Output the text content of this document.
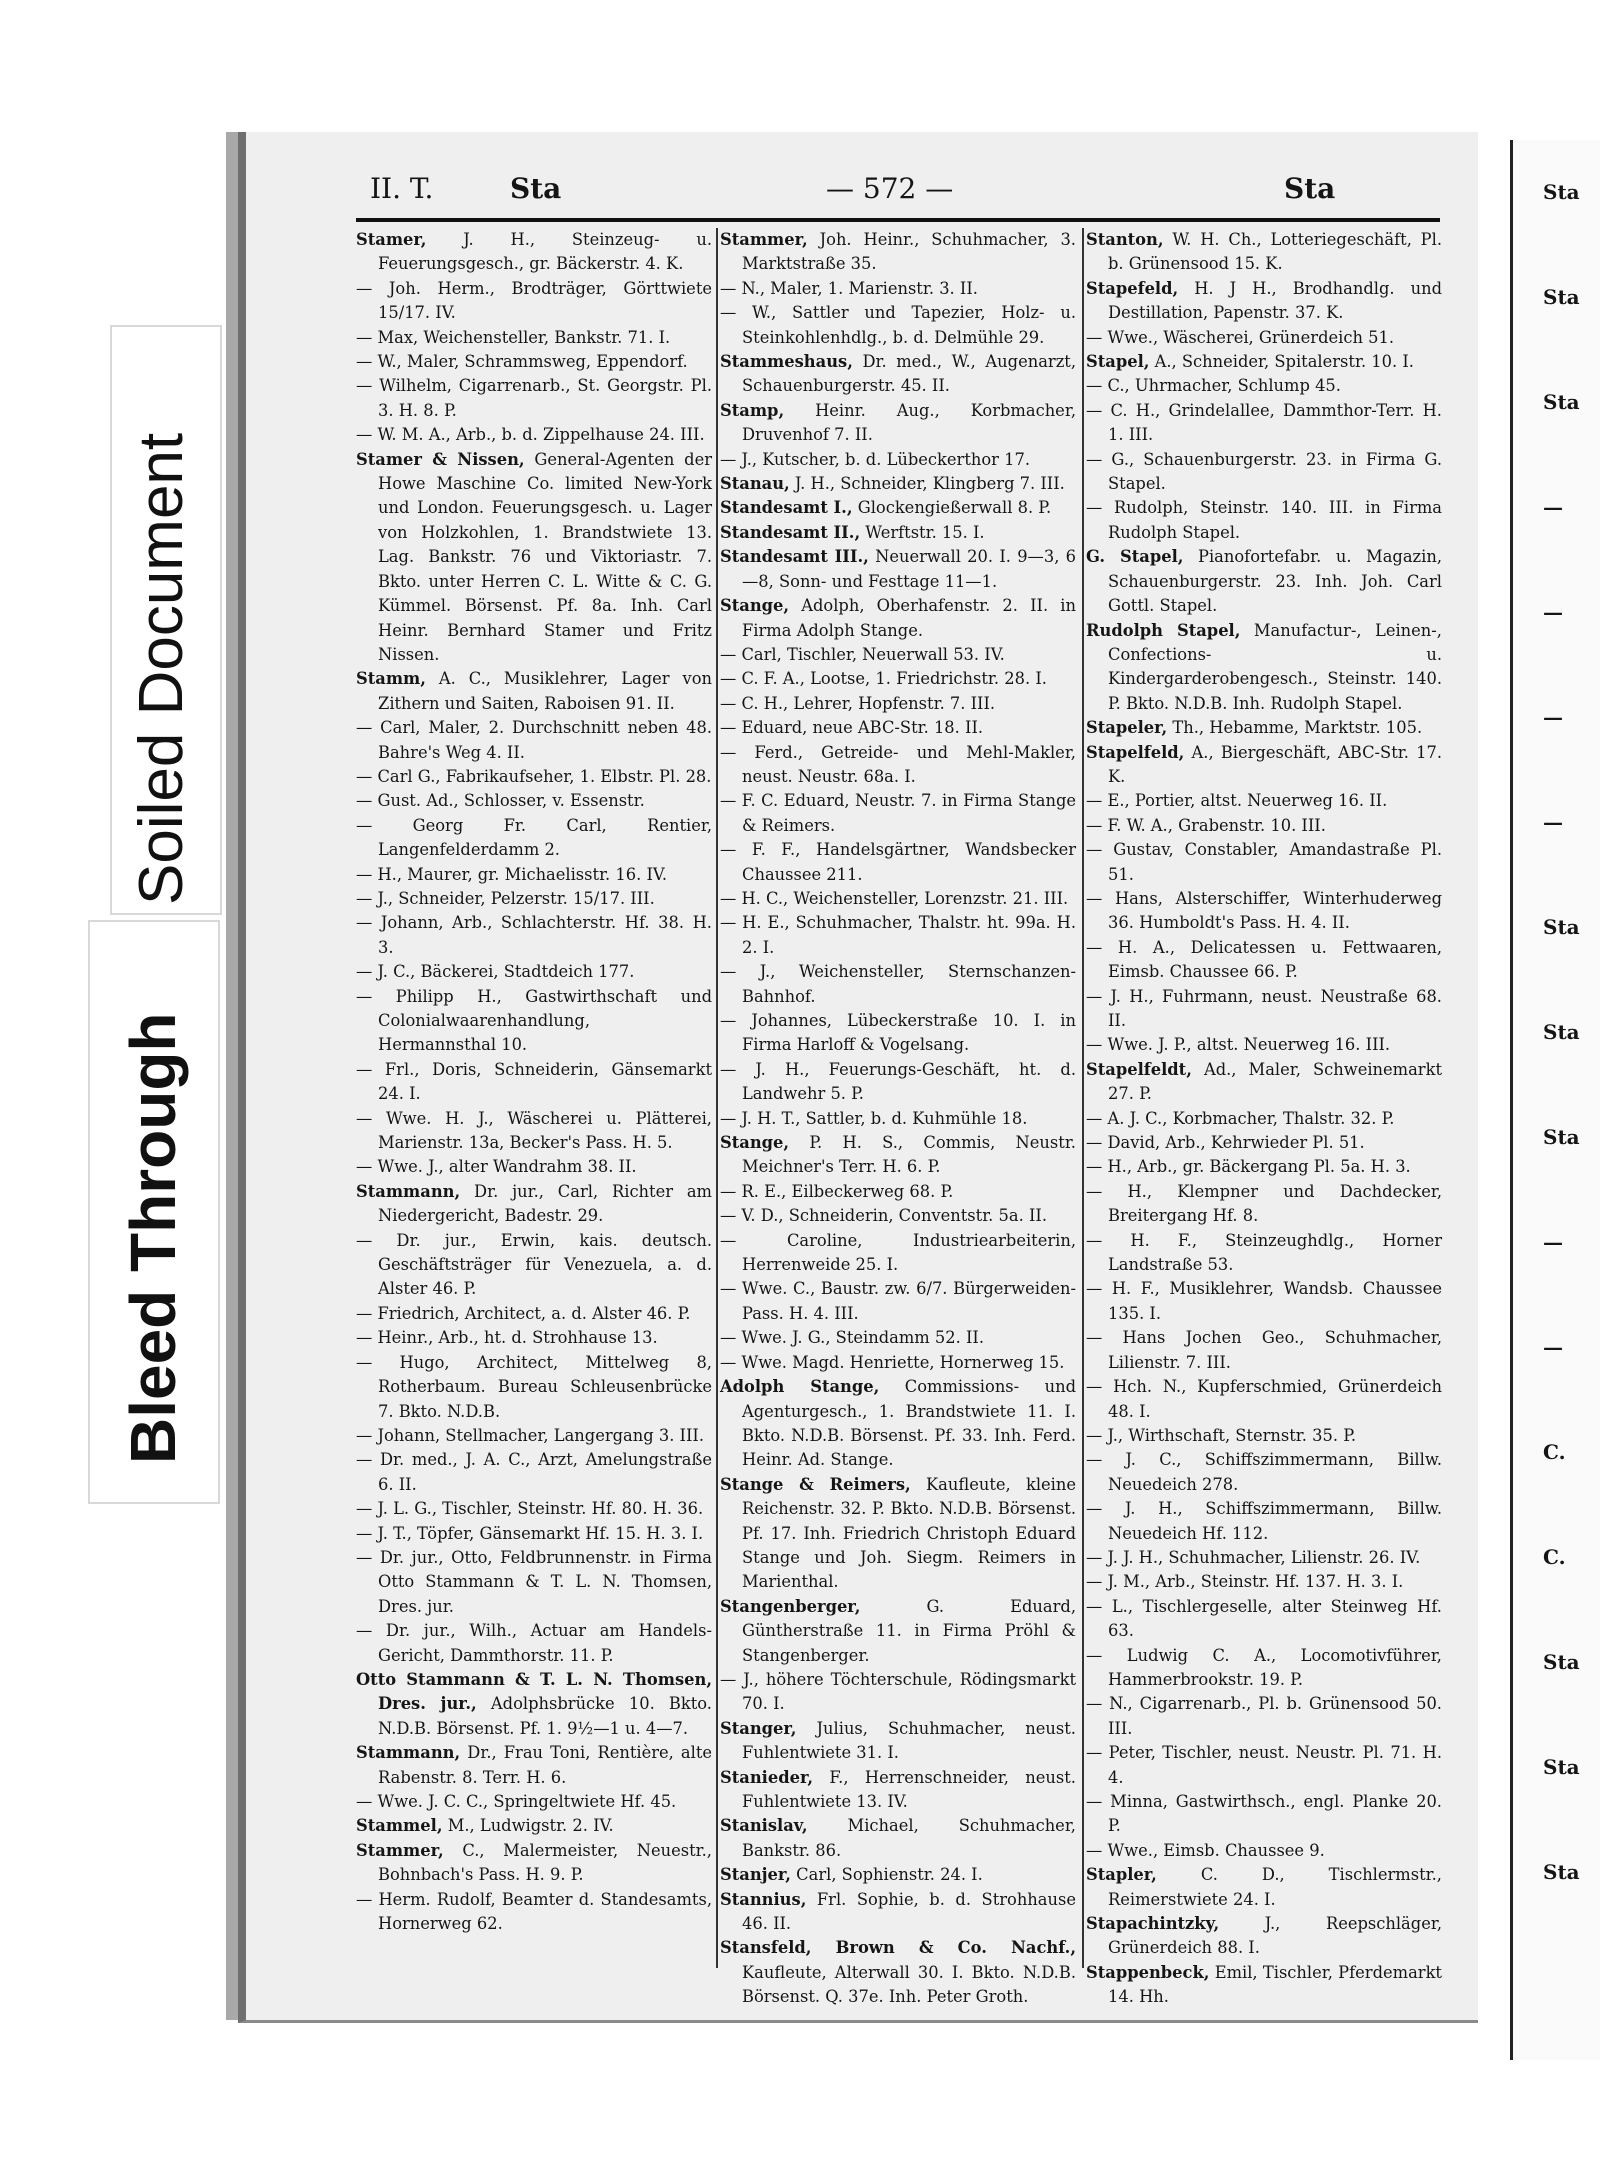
Soiled Document
Bleed Through
II. T.	Sta	— 572 —	Sta

Stamer, J. H., Steinzeug- u. Feuerungsgesch., gr. Bäckerstr. 4. K.

— Joh. Herm., Brodträger, Görttwiete 15/17. IV.

— Max, Weichensteller, Bankstr. 71. I.

— W., Maler, Schrammsweg, Eppendorf.

— Wilhelm, Cigarrenarb., St. Georgstr. Pl. 3. H. 8. P.

— W. M. A., Arb., b. d. Zippelhause 24. III.

Stamer & Nissen, General-Agenten der Howe Maschine Co. limited New-York und London. Feuerungsgesch. u. Lager von Holzkohlen, 1. Brandstwiete 13. Lag. Bankstr. 76 und Viktoriastr. 7. Bkto. unter Herren C. L. Witte & C. G. Kümmel. Börsenst. Pf. 8a. Inh. Carl Heinr. Bernhard Stamer und Fritz Nissen.

Stamm, A. C., Musiklehrer, Lager von Zithern und Saiten, Raboisen 91. II.

— Carl, Maler, 2. Durchschnitt neben 48. Bahre's Weg 4. II.

— Carl G., Fabrikaufseher, 1. Elbstr. Pl. 28.

— Gust. Ad., Schlosser, v. Essenstr.

— Georg Fr. Carl, Rentier, Langenfelderdamm 2.

— H., Maurer, gr. Michaelisstr. 16. IV.

— J., Schneider, Pelzerstr. 15/17. III.

— Johann, Arb., Schlachterstr. Hf. 38. H. 3.

— J. C., Bäckerei, Stadtdeich 177.

— Philipp H., Gastwirthschaft und Colonialwaarenhandlung, Hermannsthal 10.

— Frl., Doris, Schneiderin, Gänsemarkt 24. I.

— Wwe. H. J., Wäscherei u. Plätterei, Marienstr. 13a, Becker's Pass. H. 5.

— Wwe. J., alter Wandrahm 38. II.

Stammann, Dr. jur., Carl, Richter am Niedergericht, Badestr. 29.

— Dr. jur., Erwin, kais. deutsch. Geschäftsträger für Venezuela, a. d. Alster 46. P.

— Friedrich, Architect, a. d. Alster 46. P.

— Heinr., Arb., ht. d. Strohhause 13.

— Hugo, Architect, Mittelweg 8, Rotherbaum. Bureau Schleusenbrücke 7. Bkto. N.D.B.

— Johann, Stellmacher, Langergang 3. III.

— Dr. med., J. A. C., Arzt, Amelungstraße 6. II.

— J. L. G., Tischler, Steinstr. Hf. 80. H. 36.

— J. T., Töpfer, Gänsemarkt Hf. 15. H. 3. I.

— Dr. jur., Otto, Feldbrunnenstr. in Firma Otto Stammann & T. L. N. Thomsen, Dres. jur.

— Dr. jur., Wilh., Actuar am Handels-Gericht, Dammthorstr. 11. P.

Otto Stammann & T. L. N. Thomsen, Dres. jur., Adolphsbrücke 10. Bkto. N.D.B. Börsenst. Pf. 1. 9½—1 u. 4—7.

Stammann, Dr., Frau Toni, Rentière, alte Rabenstr. 8. Terr. H. 6.

— Wwe. J. C. C., Springeltwiete Hf. 45.

Stammel, M., Ludwigstr. 2. IV.

Stammer, C., Malermeister, Neuestr., Bohnbach's Pass. H. 9. P.

— Herm. Rudolf, Beamter d. Standesamts, Hornerweg 62.

Stammer, Joh. Heinr., Schuhmacher, 3. Marktstraße 35.

— N., Maler, 1. Marienstr. 3. II.

— W., Sattler und Tapezier, Holz- u. Steinkohlenhdlg., b. d. Delmühle 29.

Stammeshaus, Dr. med., W., Augenarzt, Schauenburgerstr. 45. II.

Stamp, Heinr. Aug., Korbmacher, Druvenhof 7. II.

— J., Kutscher, b. d. Lübeckerthor 17.

Stanau, J. H., Schneider, Klingberg 7. III.

Standesamt I., Glockengießerwall 8. P.

Standesamt II., Werftstr. 15. I.

Standesamt III., Neuerwall 20. I. 9—3, 6—8, Sonn- und Festtage 11—1.

Stange, Adolph, Oberhafenstr. 2. II. in Firma Adolph Stange.

— Carl, Tischler, Neuerwall 53. IV.

— C. F. A., Lootse, 1. Friedrichstr. 28. I.

— C. H., Lehrer, Hopfenstr. 7. III.

— Eduard, neue ABC-Str. 18. II.

— Ferd., Getreide- und Mehl-Makler, neust. Neustr. 68a. I.

— F. C. Eduard, Neustr. 7. in Firma Stange & Reimers.

— F. F., Handelsgärtner, Wandsbecker Chaussee 211.

— H. C., Weichensteller, Lorenzstr. 21. III.

— H. E., Schuhmacher, Thalstr. ht. 99a. H. 2. I.

— J., Weichensteller, Sternschanzen-Bahnhof.

— Johannes, Lübeckerstraße 10. I. in Firma Harloff & Vogelsang.

— J. H., Feuerungs-Geschäft, ht. d. Landwehr 5. P.

— J. H. T., Sattler, b. d. Kuhmühle 18.

Stange, P. H. S., Commis, Neustr. Meichner's Terr. H. 6. P.

— R. E., Eilbeckerweg 68. P.

— V. D., Schneiderin, Conventstr. 5a. II.

— Caroline, Industriearbeiterin, Herrenweide 25. I.

— Wwe. C., Baustr. zw. 6/7. Bürgerweiden-Pass. H. 4. III.

— Wwe. J. G., Steindamm 52. II.

— Wwe. Magd. Henriette, Hornerweg 15.

Adolph Stange, Commissions- und Agenturgesch., 1. Brandstwiete 11. I. Bkto. N.D.B. Börsenst. Pf. 33. Inh. Ferd. Heinr. Ad. Stange.

Stange & Reimers, Kaufleute, kleine Reichenstr. 32. P. Bkto. N.D.B. Börsenst. Pf. 17. Inh. Friedrich Christoph Eduard Stange und Joh. Siegm. Reimers in Marienthal.

Stangenberger,	G. Eduard, Güntherstraße 11. in Firma Pröhl & Stangenberger.

— J., höhere Töchterschule, Rödingsmarkt 70. I.

Stanger, Julius, Schuhmacher, neust. Fuhlentwiete 31. I.

Stanieder, F., Herrenschneider, neust. Fuhlentwiete 13. IV.

Stanislav, Michael, Schuhmacher, Bankstr. 86.

Stanjer, Carl, Sophienstr. 24. I.

Stannius, Frl. Sophie, b. d. Strohhause 46. II.

Stansfeld, Brown & Co. Nachf., Kaufleute, Alterwall 30. I. Bkto. N.D.B. Börsenst. Q. 37e. Inh. Peter Groth.

Stanton, W. H. Ch., Lotteriegeschäft, Pl. b. Grünensood 15. K.

Stapefeld, H. J H., Brodhandlg. und Destillation, Papenstr. 37. K.

— Wwe., Wäscherei, Grünerdeich 51.

Stapel, A., Schneider, Spitalerstr. 10. I.

— C., Uhrmacher, Schlump 45.

— C. H., Grindelallee, Dammthor-Terr. H. 1. III.

— G., Schauenburgerstr. 23. in Firma G. Stapel.

— Rudolph, Steinstr. 140. III. in Firma Rudolph Stapel.

G. Stapel, Pianofortefabr. u. Magazin, Schauenburgerstr. 23. Inh. Joh. Carl Gottl. Stapel.

Rudolph Stapel, Manufactur-, Leinen-, Confections- u. Kindergarderobengesch., Steinstr. 140. P. Bkto. N.D.B. Inh. Rudolph Stapel.

Stapeler, Th., Hebamme, Marktstr. 105.

Stapelfeld, A., Biergeschäft, ABC-Str. 17. K.

— E., Portier, altst. Neuerweg 16. II.

— F. W. A., Grabenstr. 10. III.

— Gustav, Constabler, Amandastraße Pl. 51.

— Hans, Alsterschiffer, Winterhuderweg 36. Humboldt's Pass. H. 4. II.

— H. A., Delicatessen u. Fettwaaren, Eimsb. Chaussee 66. P.

— J. H., Fuhrmann, neust. Neustraße 68. II.

— Wwe. J. P., altst. Neuerweg 16. III.

Stapelfeldt, Ad., Maler, Schweinemarkt 27. P.

— A. J. C., Korbmacher, Thalstr. 32. P.

— David, Arb., Kehrwieder Pl. 51.

— H., Arb., gr. Bäckergang Pl. 5a. H. 3.

— H., Klempner und Dachdecker, Breitergang Hf. 8.

— H. F., Steinzeughdlg., Horner Landstraße 53.

— H. F., Musiklehrer, Wandsb. Chaussee 135. I.

— Hans Jochen Geo., Schuhmacher, Lilienstr. 7. III.

— Hch. N., Kupferschmied, Grünerdeich 48. I.

— J., Wirthschaft, Sternstr. 35. P.

— J. C., Schiffszimmermann, Billw. Neuedeich 278.

— J. H., Schiffszimmermann, Billw. Neuedeich Hf. 112.

— J. J. H., Schuhmacher, Lilienstr. 26. IV.

— J. M., Arb., Steinstr. Hf. 137. H. 3. I.

— L., Tischlergeselle, alter Steinweg Hf. 63.

— Ludwig C. A., Locomotivführer, Hammerbrookstr. 19. P.

— N., Cigarrenarb., Pl. b. Grünensood 50. III.

— Peter, Tischler, neust. Neustr. Pl. 71. H. 4.

— Minna, Gastwirthsch., engl. Planke 20. P.

— Wwe., Eimsb. Chaussee 9.

Stapler,	C. D., Tischlermstr., Reimerstwiete 24. I.

Stapachintzky,	J., Reepschläger, Grünerdeich 88. I.

Stappenbeck, Emil, Tischler, Pferdemarkt 14. Hh.

Sta
Sta
Sta
—
—
—
—
Sta
Sta
Sta
—
—
C.
C.
Sta
Sta
Sta
